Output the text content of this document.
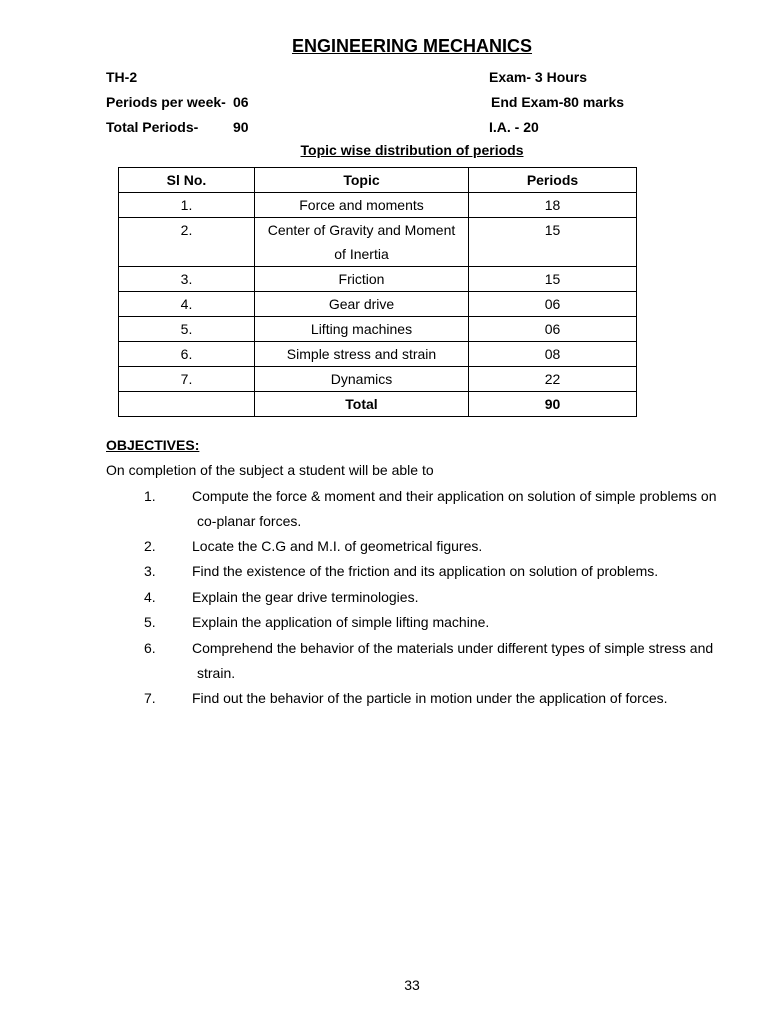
ENGINEERING MECHANICS
TH-2
Periods per week- 06
Total Periods- 90
Exam- 3 Hours
End Exam-80 marks
I.A. - 20
Topic wise distribution of periods
Sl No.	Topic	Periods
1.	Force and moments	18
2.	Center of Gravity and Moment
of Inertia	15
3.	Friction	15
4.	Gear drive	06
5.	Lifting machines	06
6.	Simple stress and strain	08
7.	Dynamics	22
	Total	90
OBJECTIVES:
On completion of the subject a student will be able to
1.	Compute the force & moment and their application on solution of simple problems on
co-planar forces.
2.	Locate the C.G and M.I. of geometrical figures.
3.	Find the existence of the friction and its application on solution of problems.
4.	Explain the gear drive terminologies.
5.	Explain the application of simple lifting machine.
6.	Comprehend the behavior of the materials under different types of simple stress and
strain.
7.	Find out the behavior of the particle in motion under the application of forces.
33
